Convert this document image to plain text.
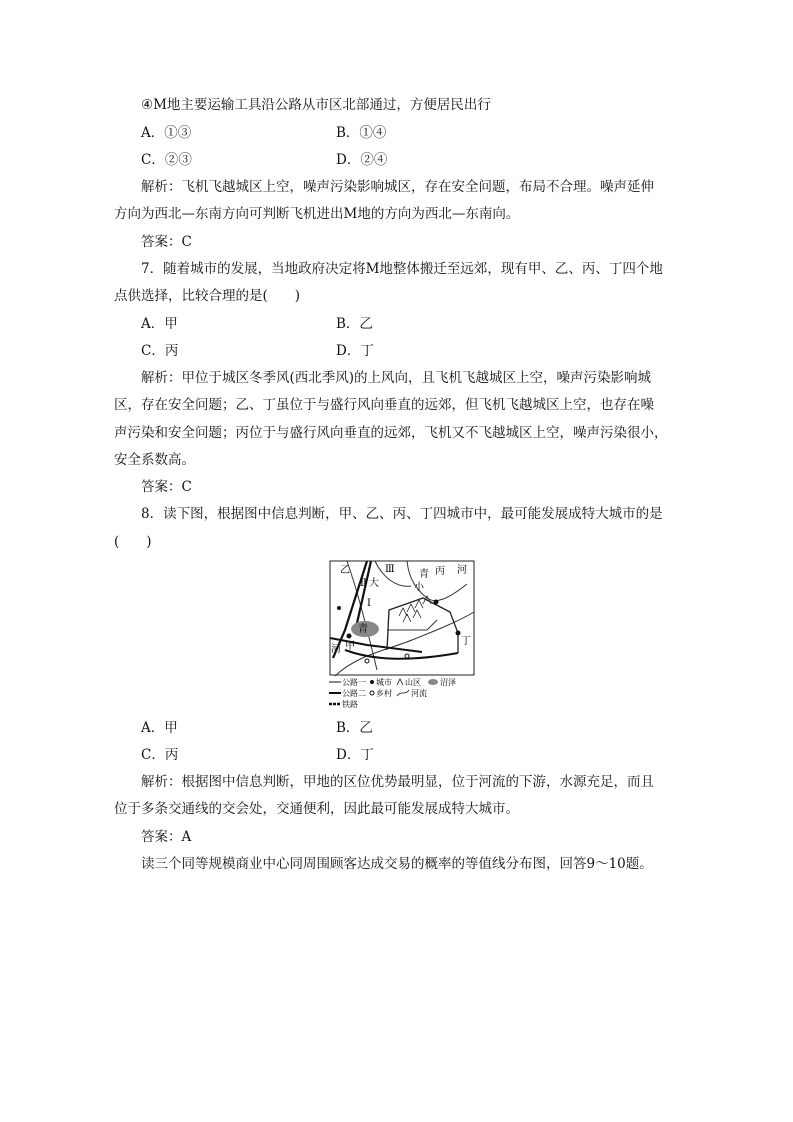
④M地主要运输工具沿公路从市区北部通过，方便居民出行
A．①③	B．①④
C．②③	D．②④
解析：飞机飞越城区上空，噪声污染影响城区，存在安全问题，布局不合理。噪声延伸
方向为西北—东南方向可判断飞机进出M地的方向为西北—东南向。
答案：C
7．随着城市的发展，当地政府决定将M地整体搬迁至远郊，现有甲、乙、丙、丁四个地
点供选择，比较合理的是(　　)
A．甲	B．乙
C．丙	D．丁
解析：甲位于城区冬季风(西北季风)的上风向，且飞机飞越城区上空，噪声污染影响城
区，存在安全问题；乙、丁虽位于与盛行风向垂直的远郊，但飞机飞越城区上空，也存在噪
声污染和安全问题；丙位于与盛行风向垂直的远郊，飞机又不飞越城区上空，噪声污染很小，
安全系数高。
答案：C
8．读下图，根据图中信息判断，甲、乙、丙、丁四城市中，最可能发展成特大城市的是
(　　)
乙
Ⅱ
Ⅲ
大
青 丙 河
小
Ⅰ
青
甲
河
丁
公路一
公路二
铁路
城市
乡村
山区
河流
沼泽
A．甲	B．乙
C．丙	D．丁
解析：根据图中信息判断，甲地的区位优势最明显，位于河流的下游，水源充足，而且
位于多条交通线的交会处，交通便利，因此最可能发展成特大城市。
答案：A
读三个同等规模商业中心同周围顾客达成交易的概率的等值线分布图，回答9～10题。
